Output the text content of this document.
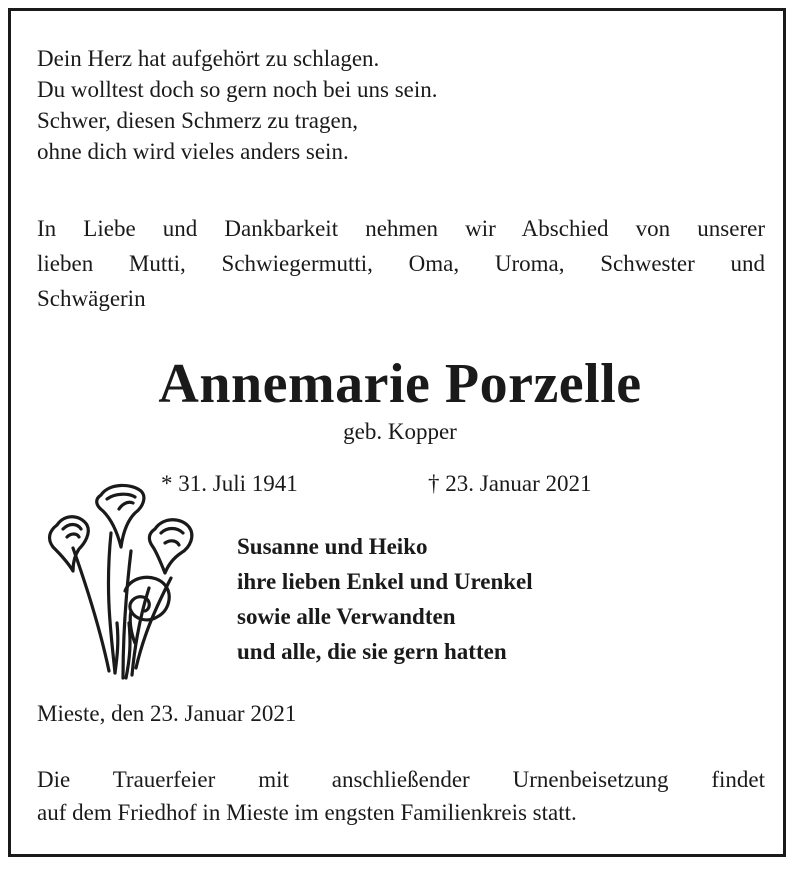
Dein Herz hat aufgehört zu schlagen.
Du wolltest doch so gern noch bei uns sein.
Schwer, diesen Schmerz zu tragen,
ohne dich wird vieles anders sein.
In Liebe und Dankbarkeit nehmen wir Abschied von unserer
lieben Mutti, Schwiegermutti, Oma, Uroma, Schwester und
Schwägerin
Annemarie Porzelle
geb. Kopper
* 31. Juli 1941	† 23. Januar 2021
Susanne und Heiko
ihre lieben Enkel und Urenkel
sowie alle Verwandten
und alle, die sie gern hatten
Mieste, den 23. Januar 2021
Die Trauerfeier mit anschließender Urnenbeisetzung findet
auf dem Friedhof in Mieste im engsten Familienkreis statt.
